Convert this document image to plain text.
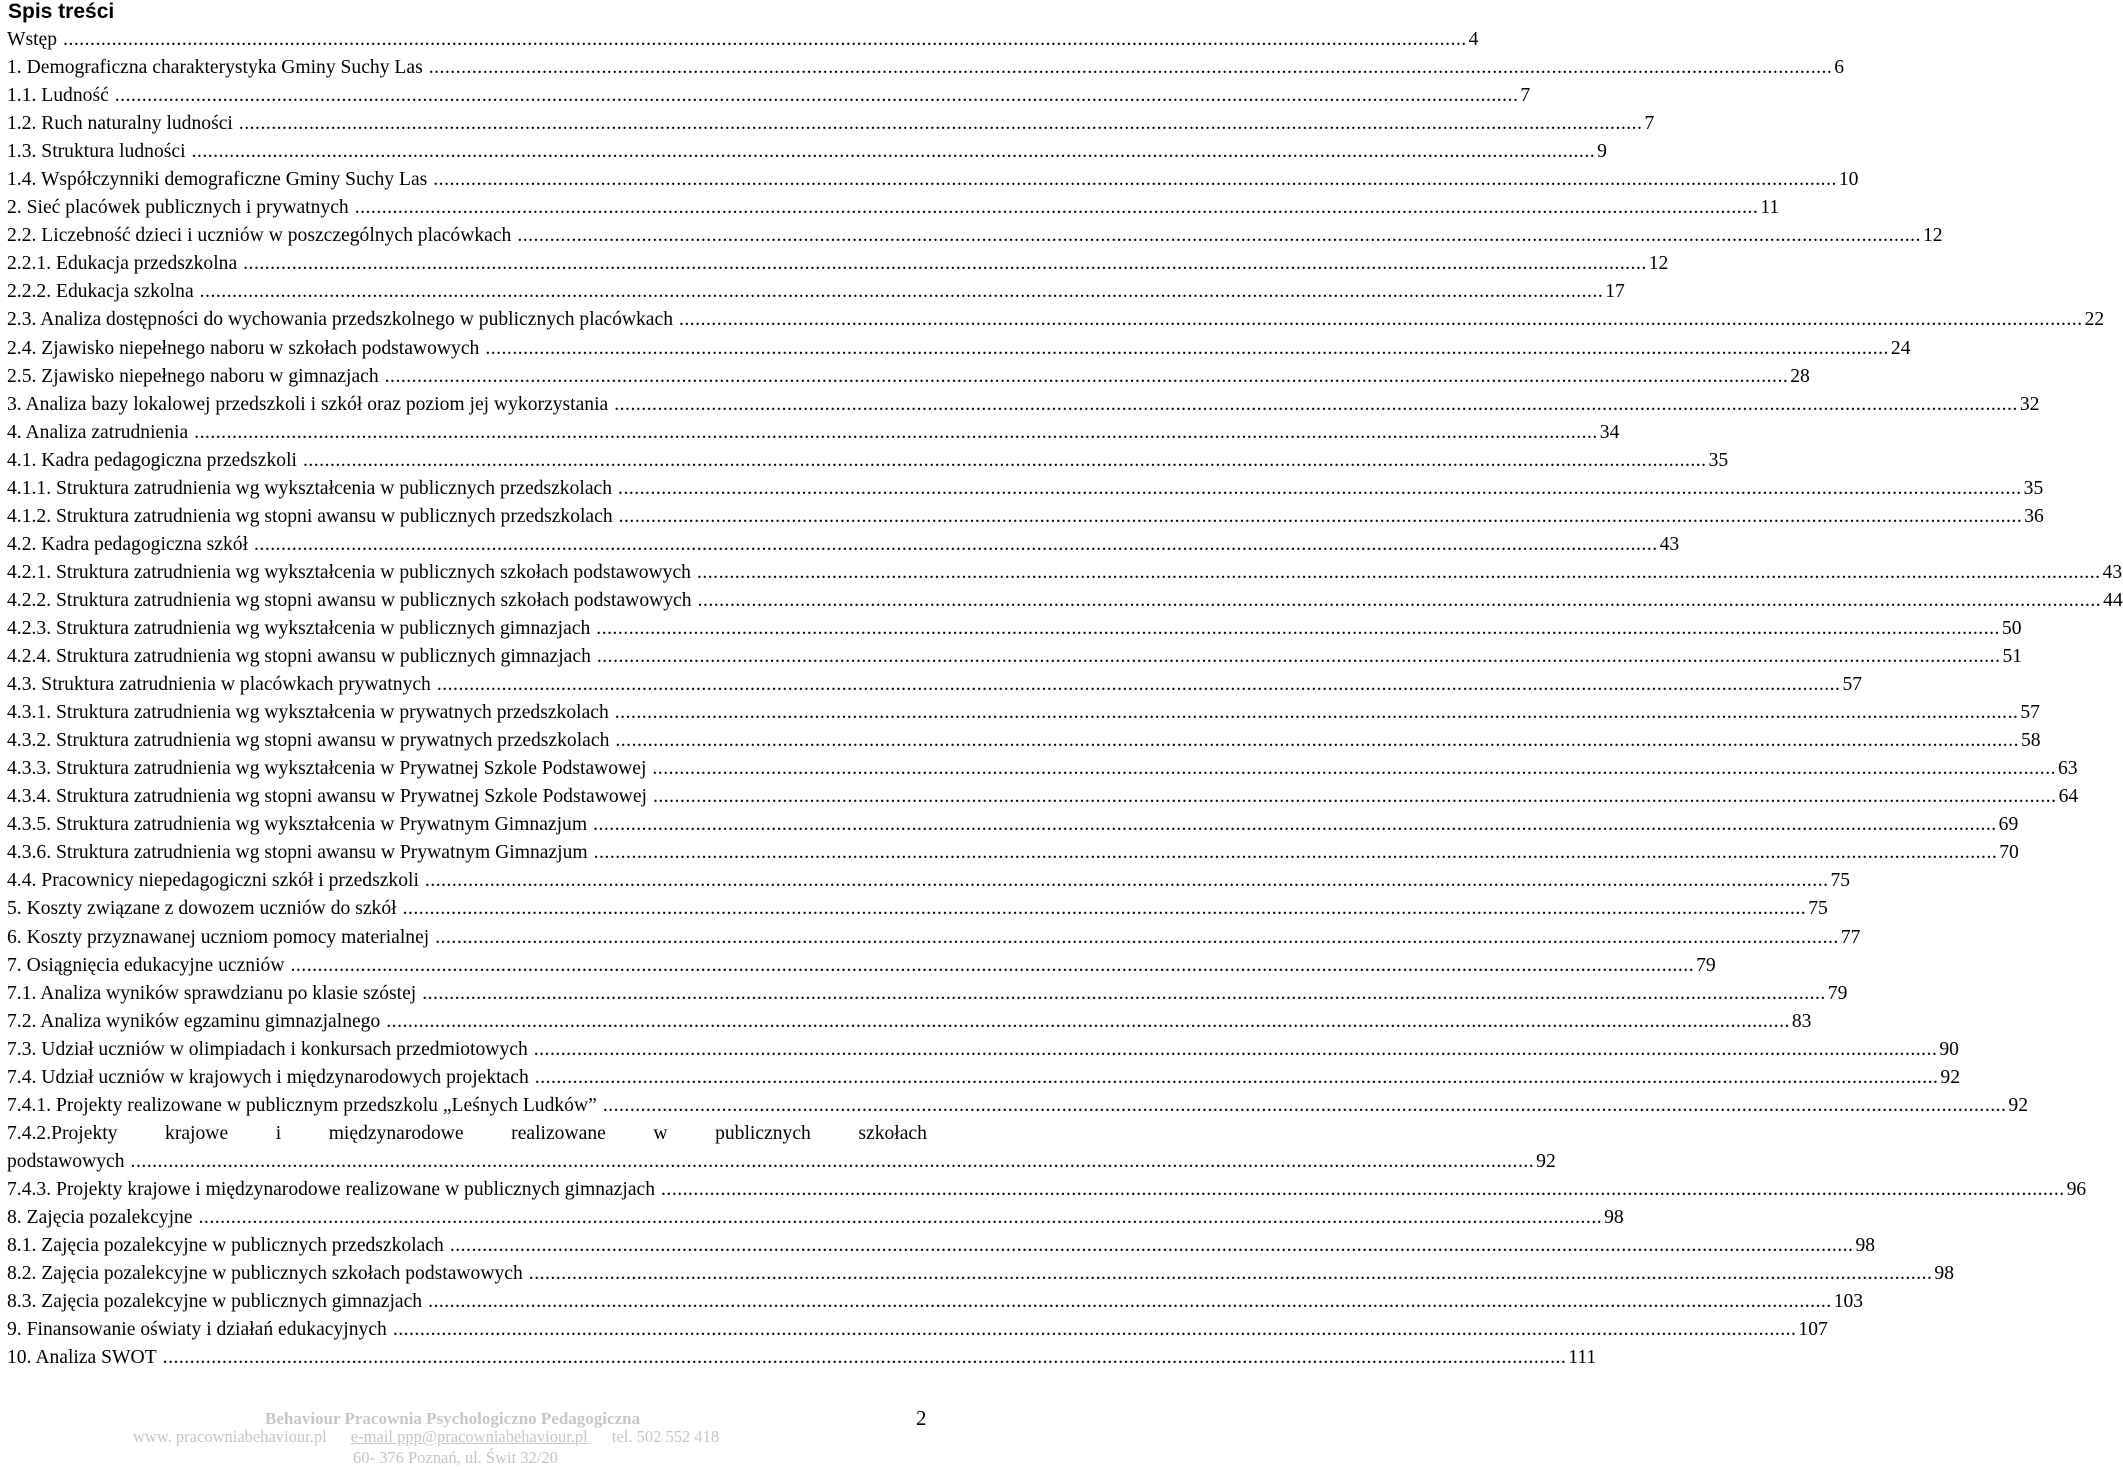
Spis treści
Wstęp .....	4
1. Demograficzna charakterystyka Gminy Suchy Las .....	6
1.1. Ludność .....	7
1.2. Ruch naturalny ludności .....	7
1.3. Struktura ludności .....	9
1.4. Współczynniki demograficzne Gminy Suchy Las .....	10
2. Sieć placówek publicznych i prywatnych .....	11
2.2. Liczebność dzieci i uczniów w poszczególnych placówkach .....	12
2.2.1. Edukacja przedszkolna .....	12
2.2.2. Edukacja szkolna .....	17
2.3. Analiza dostępności do wychowania przedszkolnego w publicznych placówkach .....	22
2.4. Zjawisko niepełnego naboru w szkołach podstawowych .....	24
2.5. Zjawisko niepełnego naboru w gimnazjach .....	28
3. Analiza bazy lokalowej przedszkoli i szkół oraz poziom jej wykorzystania .....	32
4. Analiza zatrudnienia .....	34
4.1. Kadra pedagogiczna przedszkoli .....	35
4.1.1. Struktura zatrudnienia wg wykształcenia w publicznych przedszkolach .....	35
4.1.2. Struktura zatrudnienia wg stopni awansu w publicznych przedszkolach .....	36
4.2. Kadra pedagogiczna szkół .....	43
4.2.1. Struktura zatrudnienia wg wykształcenia w publicznych szkołach podstawowych .....	43
4.2.2. Struktura zatrudnienia wg stopni awansu w publicznych szkołach podstawowych .....	44
4.2.3. Struktura zatrudnienia wg wykształcenia w publicznych gimnazjach .....	50
4.2.4. Struktura zatrudnienia wg stopni awansu w publicznych gimnazjach .....	51
4.3. Struktura zatrudnienia w placówkach prywatnych .....	57
4.3.1. Struktura zatrudnienia wg wykształcenia w prywatnych przedszkolach .....	57
4.3.2. Struktura zatrudnienia wg stopni awansu w prywatnych przedszkolach .....	58
4.3.3. Struktura zatrudnienia wg wykształcenia w Prywatnej Szkole Podstawowej .....	63
4.3.4. Struktura zatrudnienia wg stopni awansu w Prywatnej Szkole Podstawowej .....	64
4.3.5. Struktura zatrudnienia wg wykształcenia w Prywatnym Gimnazjum .....	69
4.3.6. Struktura zatrudnienia wg stopni awansu w Prywatnym Gimnazjum .....	70
4.4. Pracownicy niepedagogiczni szkół i przedszkoli .....	75
5. Koszty związane z dowozem uczniów do szkół .....	75
6. Koszty przyznawanej uczniom pomocy materialnej .....	77
7. Osiągnięcia edukacyjne uczniów .....	79
7.1. Analiza wyników sprawdzianu po klasie szóstej .....	79
7.2. Analiza wyników egzaminu gimnazjalnego .....	83
7.3. Udział uczniów w olimpiadach i konkursach przedmiotowych .....	90
7.4. Udział uczniów w krajowych i międzynarodowych projektach .....	92
7.4.1. Projekty realizowane w publicznym przedszkolu „Leśnych Ludków” .....	92
7.4.2.Projekty krajowe i międzynarodowe realizowane w publicznych szkołach
podstawowych .....	92
7.4.3. Projekty krajowe i międzynarodowe realizowane w publicznych gimnazjach .....	96
8. Zajęcia pozalekcyjne .....	98
8.1. Zajęcia pozalekcyjne w publicznych przedszkolach .....	98
8.2. Zajęcia pozalekcyjne w publicznych szkołach podstawowych .....	98
8.3. Zajęcia pozalekcyjne w publicznych gimnazjach .....	103
9. Finansowanie oświaty i działań edukacyjnych .....	107
10. Analiza SWOT .....	111
2
Behaviour Pracownia Psychologiczno Pedagogiczna
www. pracowniabehaviour.pl e-mail ppp@pracowniabehaviour.pl tel. 502 552 418
60- 376 Poznań, ul. Świt 32/20
